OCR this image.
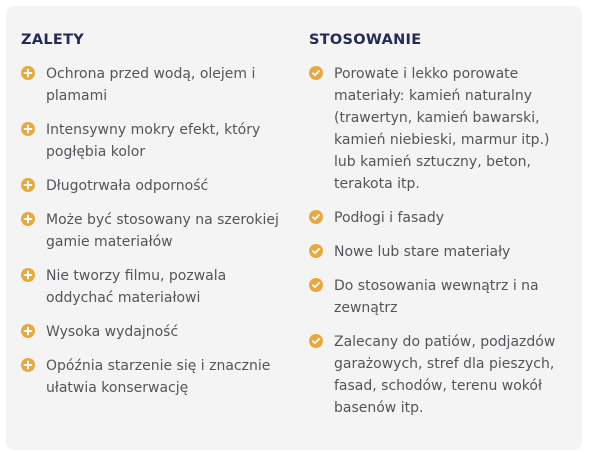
ZALETY
Ochrona przed wodą, olejem i plamami
Intensywny mokry efekt, który pogłębia kolor
Długotrwała odporność
Może być stosowany na szerokiej gamie materiałów
Nie tworzy filmu, pozwala oddychać materiałowi
Wysoka wydajność
Opóźnia starzenie się i znacznie ułatwia konserwację
STOSOWANIE
Porowate i lekko porowate materiały: kamień naturalny (trawertyn, kamień bawarski, kamień niebieski, marmur itp.) lub kamień sztuczny, beton, terakota itp.
Podłogi i fasady
Nowe lub stare materiały
Do stosowania wewnątrz i na zewnątrz
Zalecany do patiów, podjazdów garażowych, stref dla pieszych, fasad, schodów, terenu wokół basenów itp.
